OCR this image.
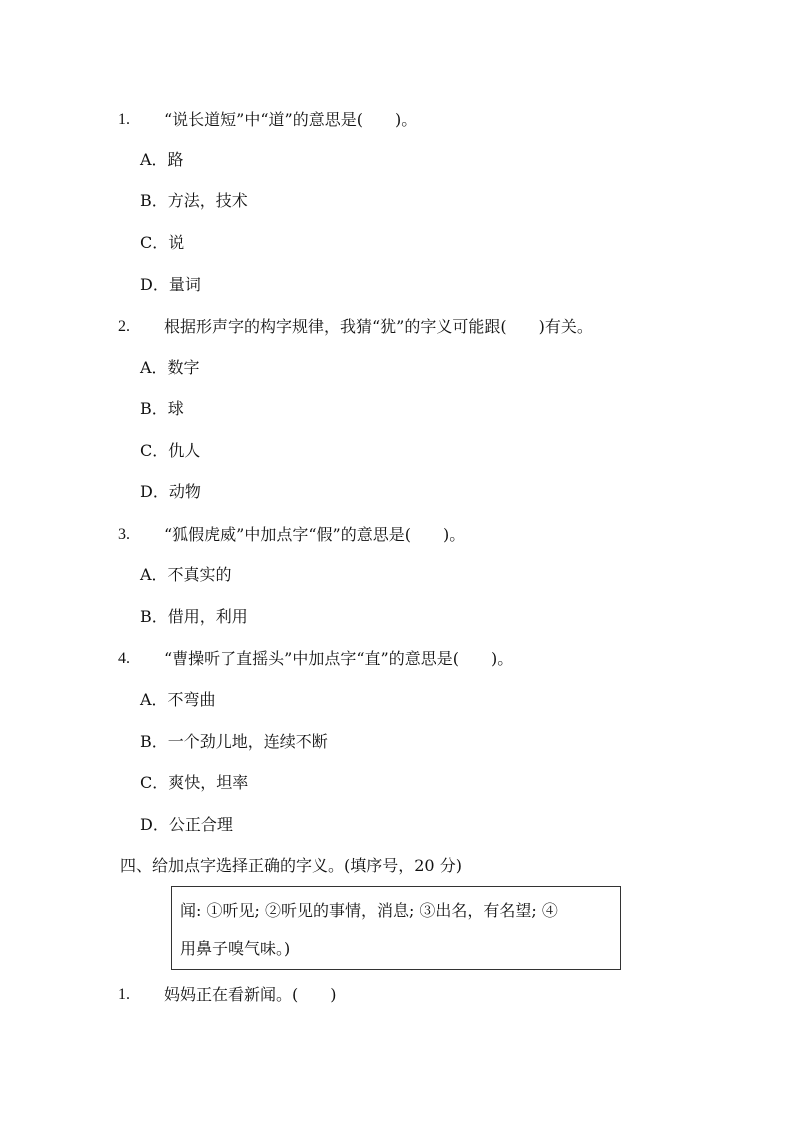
1. “说长道短”中“道”的意思是(　　)。
A．路
B．方法，技术
C．说
D．量词
2. 根据形声字的构字规律，我猜“犹”的字义可能跟(　　)有关。
A．数字
B．球
C．仇人
D．动物
3. “狐假虎威”中加点字“假”的意思是(　　)。
A．不真实的
B．借用，利用
4. “曹操听了直摇头”中加点字“直”的意思是(　　)。
A．不弯曲
B．一个劲儿地，连续不断
C．爽快，坦率
D．公正合理
四、给加点字选择正确的字义。(填序号，20 分)
闻: ①听见; ②听见的事情，消息; ③出名，有名望; ④
用鼻子嗅气味。)
1. 妈妈正在看新闻。(　　)
